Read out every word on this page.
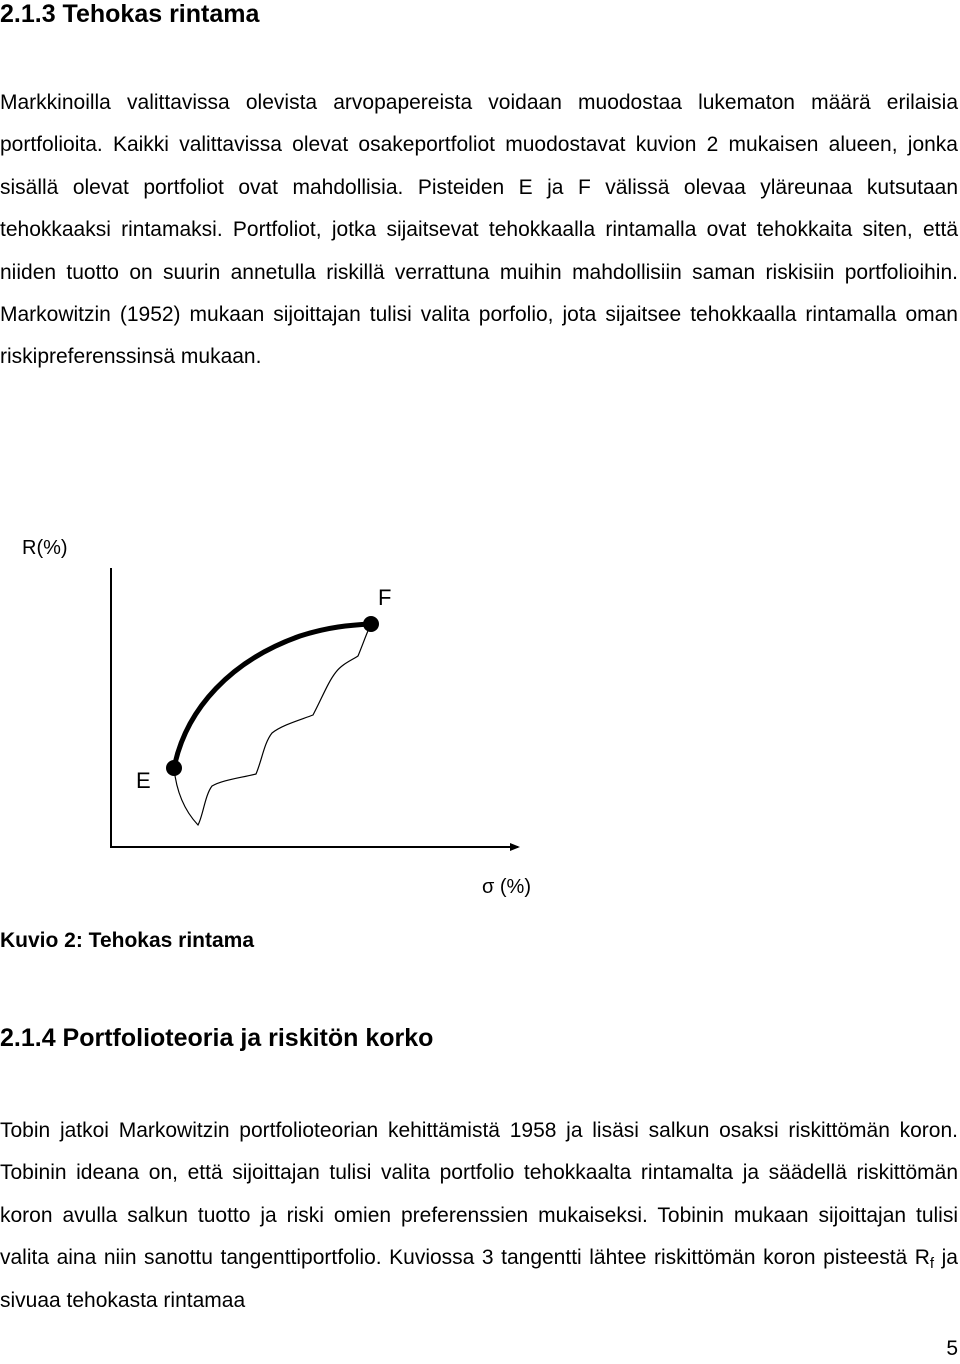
2.1.3 Tehokas rintama

Markkinoilla valittavissa olevista arvopapereista voidaan muodostaa lukematon määrä erilaisia portfolioita. Kaikki valittavissa olevat osakeportfoliot muodostavat kuvion 2 mukaisen alueen, jonka sisällä olevat portfoliot ovat mahdollisia. Pisteiden E ja F välissä olevaa yläreunaa kutsutaan tehokkaaksi rintamaksi. Portfoliot, jotka sijaitsevat tehokkaalla rintamalla ovat tehokkaita siten, että niiden tuotto on suurin annetulla riskillä verrattuna muihin mahdollisiin saman riskisiin portfolioihin. Markowitzin (1952) mukaan sijoittajan tulisi valita porfolio, jota sijaitsee tehokkaalla rintamalla oman riskipreferenssinsä mukaan.

R(%)
σ (%)
E
F

Kuvio 2: Tehokas rintama

2.1.4 Portfolioteoria ja riskitön korko

Tobin jatkoi Markowitzin portfolioteorian kehittämistä 1958 ja lisäsi salkun osaksi riskittömän koron. Tobinin ideana on, että sijoittajan tulisi valita portfolio tehokkaalta rintamalta ja säädellä riskittömän koron avulla salkun tuotto ja riski omien preferenssien mukaiseksi. Tobinin mukaan sijoittajan tulisi valita aina niin sanottu tangenttiportfolio. Kuviossa 3 tangentti lähtee riskittömän koron pisteestä $R_f$ ja sivuaa tehokasta rintamaa

5
